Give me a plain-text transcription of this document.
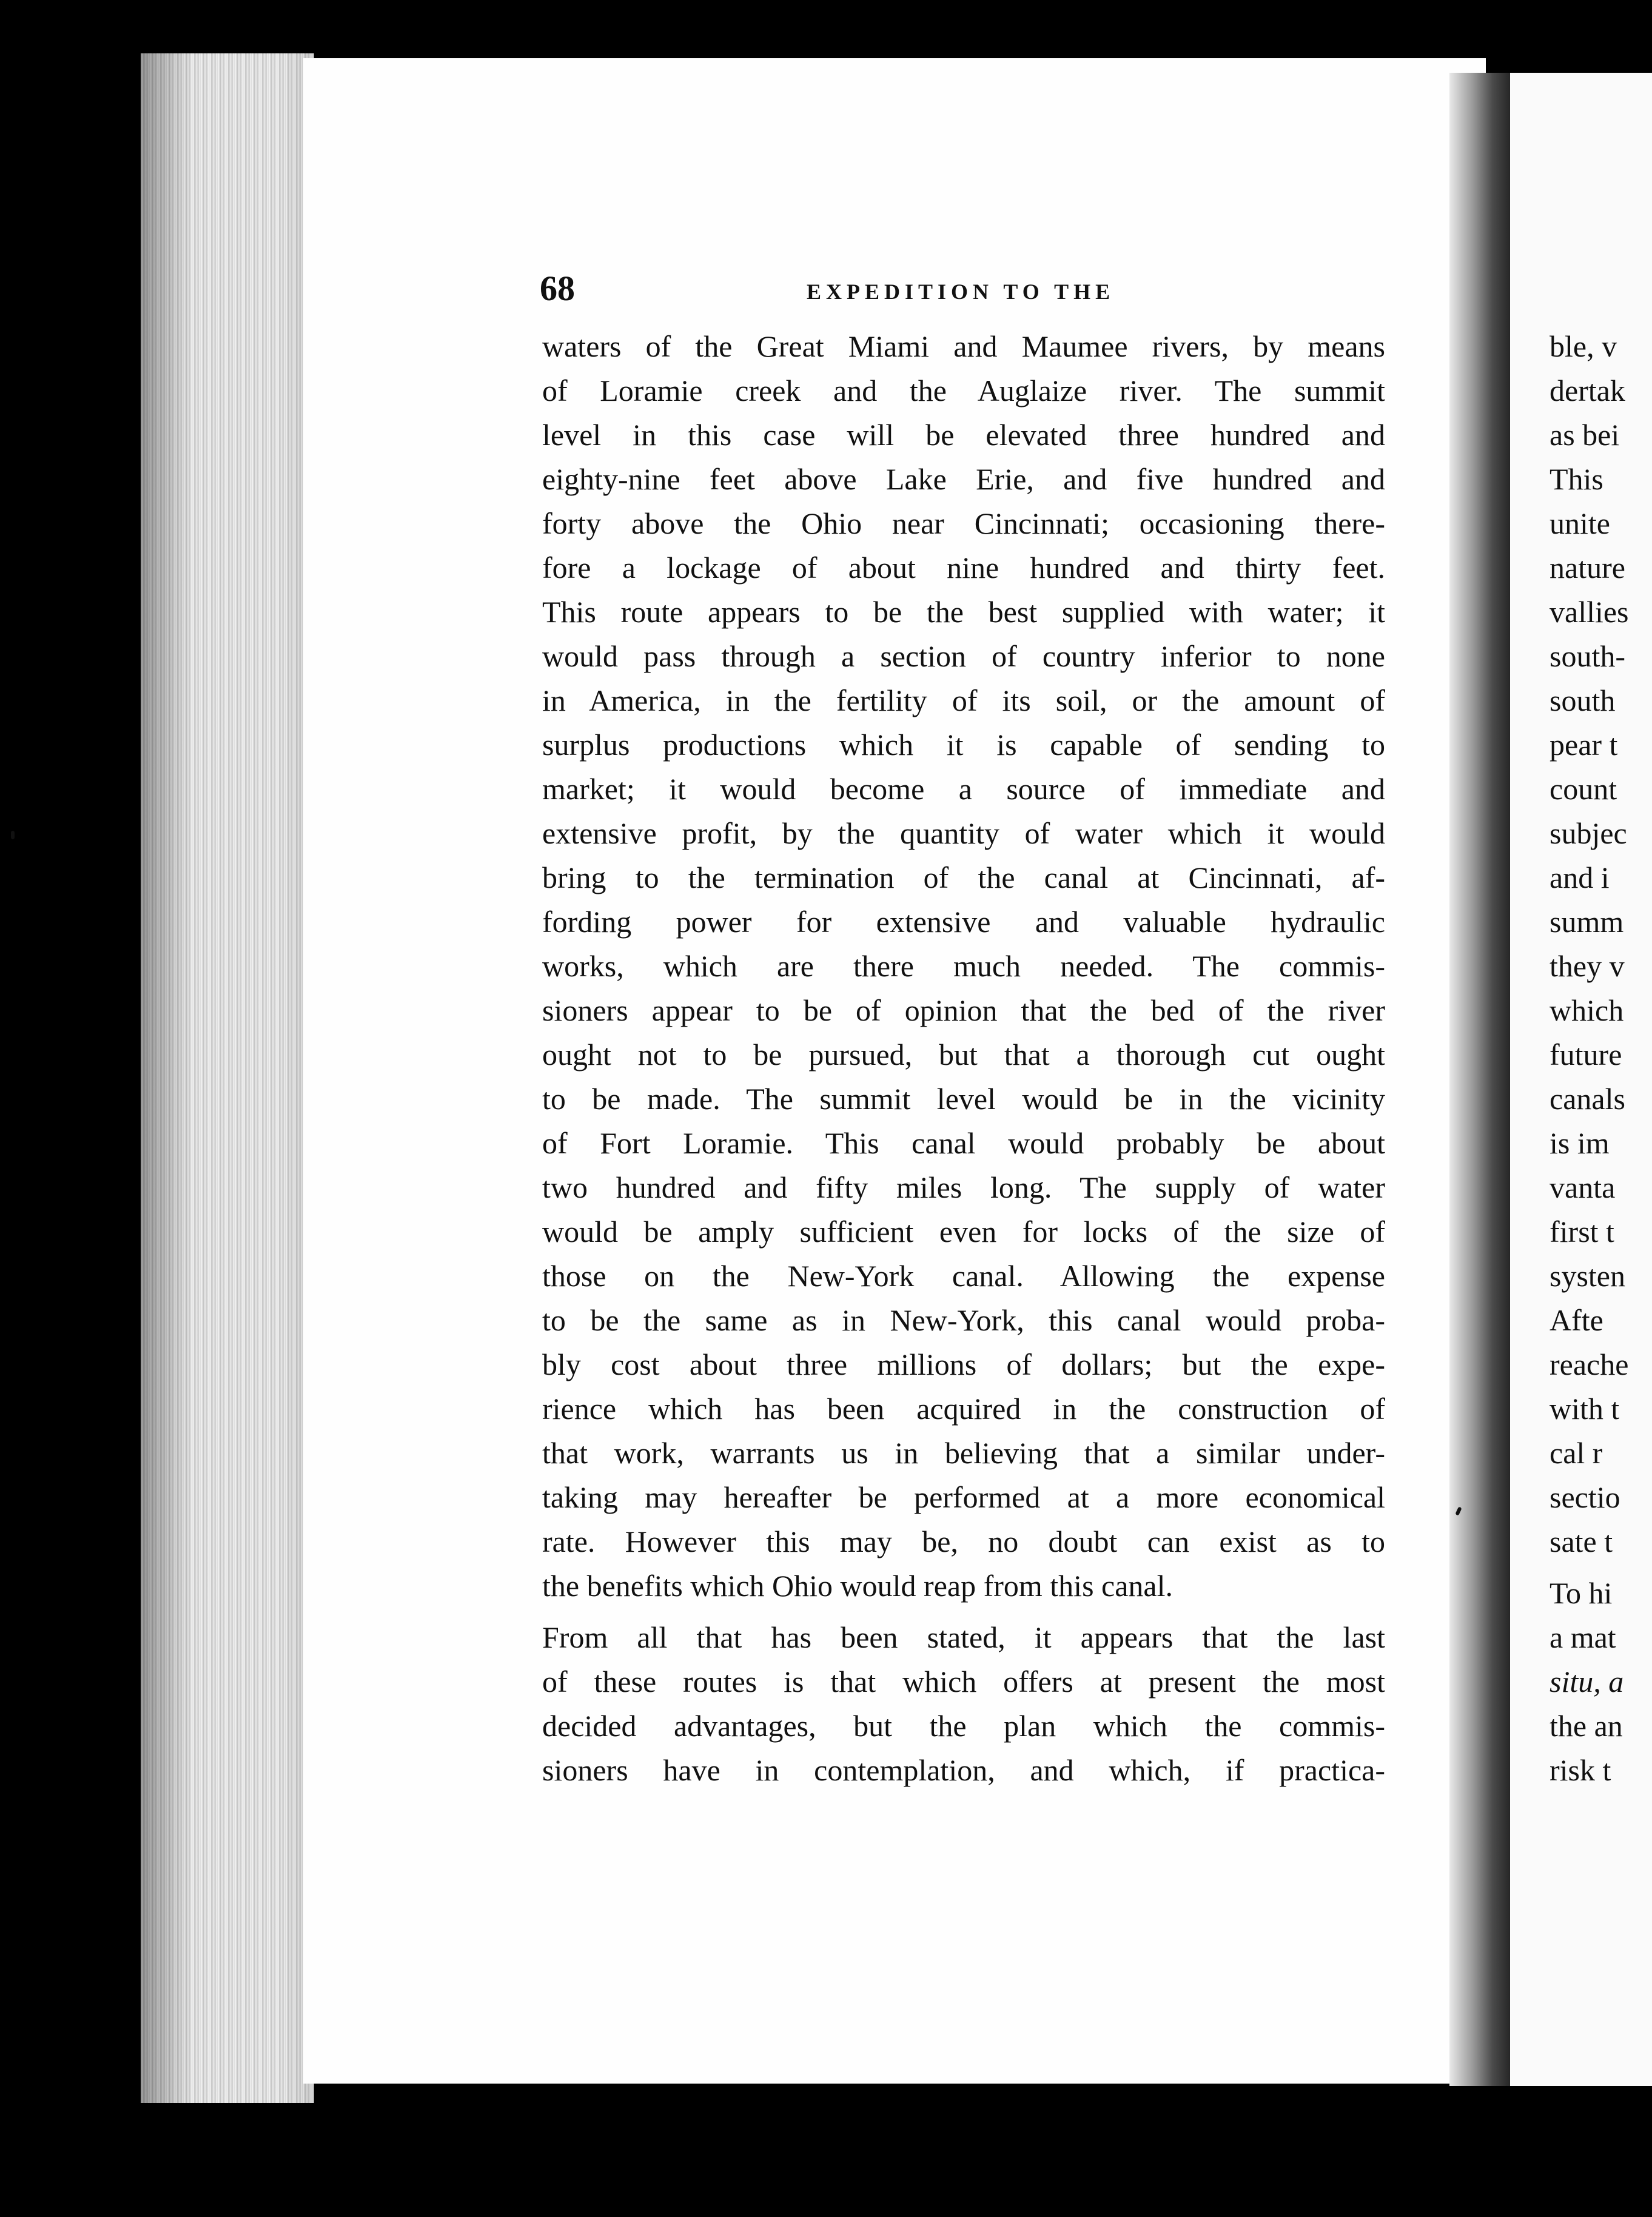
68	EXPEDITION TO THE
waters of the Great Miami and Maumee rivers, by means
of Loramie creek and the Auglaize river. The summit
level in this case will be elevated three hundred and
eighty-nine feet above Lake Erie, and five hundred and
forty above the Ohio near Cincinnati; occasioning there-
fore a lockage of about nine hundred and thirty feet.
This route appears to be the best supplied with water; it
would pass through a section of country inferior to none
in America, in the fertility of its soil, or the amount of
surplus productions which it is capable of sending to
market; it would become a source of immediate and
extensive profit, by the quantity of water which it would
bring to the termination of the canal at Cincinnati, af-
fording power for extensive and valuable hydraulic
works, which are there much needed. The commis-
sioners appear to be of opinion that the bed of the river
ought not to be pursued, but that a thorough cut ought
to be made. The summit level would be in the vicinity
of Fort Loramie. This canal would probably be about
two hundred and fifty miles long. The supply of water
would be amply sufficient even for locks of the size of
those on the New-York canal. Allowing the expense
to be the same as in New-York, this canal would proba-
bly cost about three millions of dollars; but the expe-
rience which has been acquired in the construction of
that work, warrants us in believing that a similar under-
taking may hereafter be performed at a more economical
rate. However this may be, no doubt can exist as to
the benefits which Ohio would reap from this canal.
From all that has been stated, it appears that the last
of these routes is that which offers at present the most
decided advantages, but the plan which the commis-
sioners have in contemplation, and which, if practica-
ble, v
dertak
as bei
This
unite
nature
vallies
south-
south
pear t
count
subjec
and i
summ
they v
which
future
canals
is im
vanta
first t
systen
Afte
reache
with t
cal r
sectio
sate t
To hi
a mat
situ, a
the an
risk t
